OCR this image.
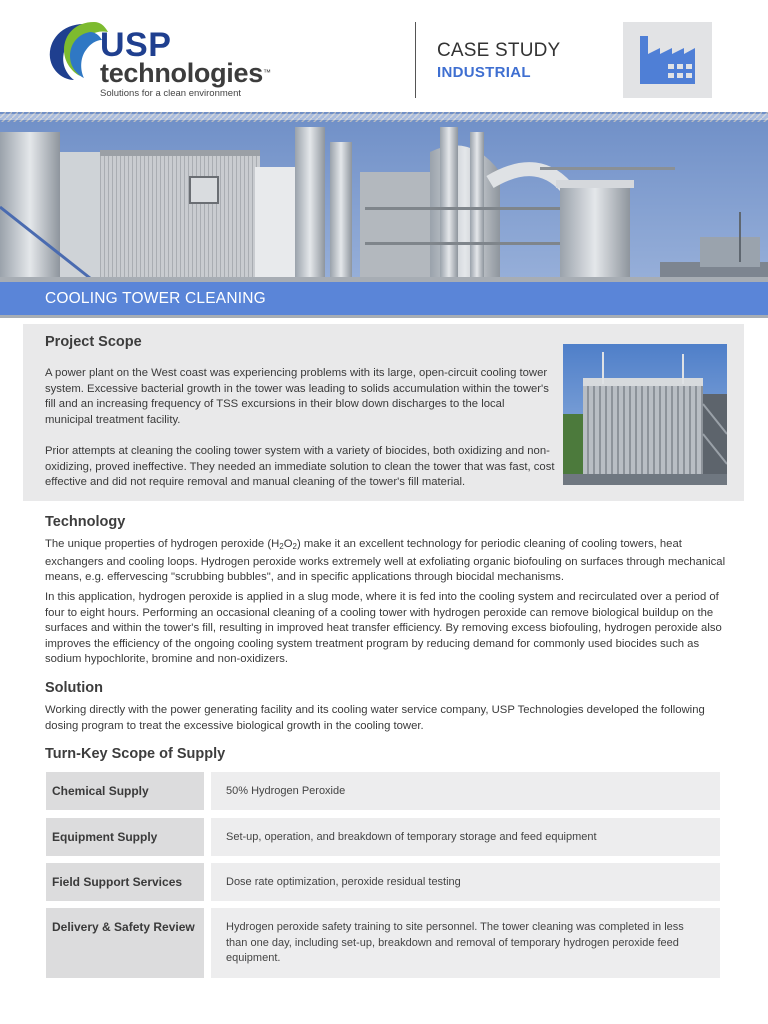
USP
technologies™
Solutions for a clean environment
CASE STUDY
INDUSTRIAL
COOLING TOWER CLEANING
Project Scope
A power plant on the West coast was experiencing problems with its large, open-circuit cooling tower system. Excessive bacterial growth in the tower was leading to solids accumulation within the tower's fill and an increasing frequency of TSS excursions in their blow down discharges to the local municipal treatment facility.
Prior attempts at cleaning the cooling tower system with a variety of biocides, both oxidizing and non-oxidizing, proved ineffective. They needed an immediate solution to clean the tower that was fast, cost effective and did not require removal and manual cleaning of the tower's fill material.
Technology
The unique properties of hydrogen peroxide $(H_2O_2)$ make it an excellent technology for periodic cleaning of cooling towers, heat exchangers and cooling loops. Hydrogen peroxide works extremely well at exfoliating organic biofouling on surfaces through mechanical means, e.g. effervescing "scrubbing bubbles", and in specific applications through biocidal mechanisms.
In this application, hydrogen peroxide is applied in a slug mode, where it is fed into the cooling system and recirculated over a period of four to eight hours. Performing an occasional cleaning of a cooling tower with hydrogen peroxide can remove biological buildup on the surfaces and within the tower's fill, resulting in improved heat transfer efficiency. By removing excess biofouling, hydrogen peroxide also improves the efficiency of the ongoing cooling system treatment program by reducing demand for commonly used biocides such as sodium hypochlorite, bromine and non-oxidizers.
Solution
Working directly with the power generating facility and its cooling water service company, USP Technologies developed the following dosing program to treat the excessive biological growth in the cooling tower.
Turn-Key Scope of Supply
Chemical Supply	50% Hydrogen Peroxide
Equipment Supply	Set-up, operation, and breakdown of temporary storage and feed equipment
Field Support Services	Dose rate optimization, peroxide residual testing
Delivery & Safety Review	Hydrogen peroxide safety training to site personnel. The tower cleaning was completed in less than one day, including set-up, breakdown and removal of temporary hydrogen peroxide feed equipment.
